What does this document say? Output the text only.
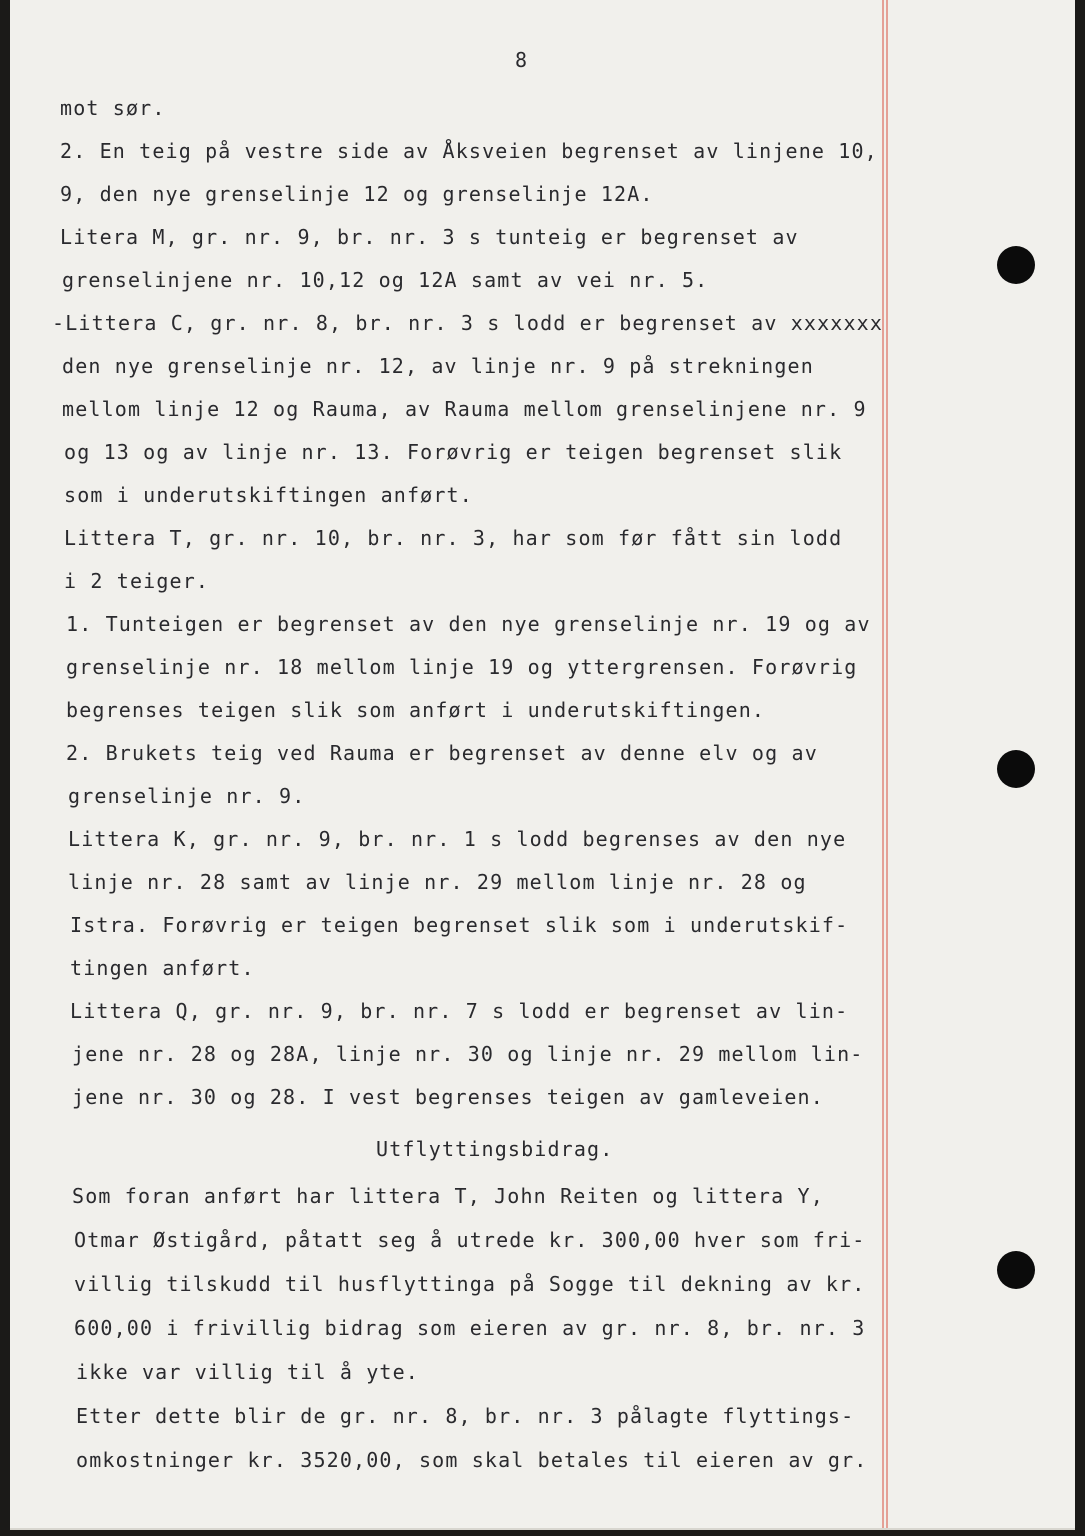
8
mot sør.
2. En teig på vestre side av Åksveien begrenset av linjene 10,
9, den nye grenselinje 12 og grenselinje 12A.
Litera M, gr. nr. 9, br. nr. 3 s tunteig er begrenset av
grenselinjene nr. 10,12 og 12A samt av vei nr. 5.
-Littera C, gr. nr. 8, br. nr. 3 s lodd er begrenset av xxxxxxx
den nye grenselinje nr. 12, av linje nr. 9 på strekningen
mellom linje 12 og Rauma, av Rauma mellom grenselinjene nr. 9
og 13 og av linje nr. 13. Forøvrig er teigen begrenset slik
som i underutskiftingen anført.
Littera T, gr. nr. 10, br. nr. 3, har som før fått sin lodd
i 2 teiger.
1. Tunteigen er begrenset av den nye grenselinje nr. 19 og av
grenselinje nr. 18 mellom linje 19 og yttergrensen. Forøvrig
begrenses teigen slik som anført i underutskiftingen.
2. Brukets teig ved Rauma er begrenset av denne elv og av
grenselinje nr. 9.
Littera K, gr. nr. 9, br. nr. 1 s lodd begrenses av den nye
linje nr. 28 samt av linje nr. 29 mellom linje nr. 28 og
Istra. Forøvrig er teigen begrenset slik som i underutskif-
tingen anført.
Littera Q, gr. nr. 9, br. nr. 7 s lodd er begrenset av lin-
jene nr. 28 og 28A, linje nr. 30 og linje nr. 29 mellom lin-
jene nr. 30 og 28. I vest begrenses teigen av gamleveien.
Utflyttingsbidrag.
Som foran anført har littera T, John Reiten og littera Y,
Otmar Østigård, påtatt seg å utrede kr. 300,00 hver som fri-
villig tilskudd til husflyttinga på Sogge til dekning av kr.
600,00 i frivillig bidrag som eieren av gr. nr. 8, br. nr. 3
ikke var villig til å yte.
Etter dette blir de gr. nr. 8, br. nr. 3 pålagte flyttings-
omkostninger kr. 3520,00, som skal betales til eieren av gr.
